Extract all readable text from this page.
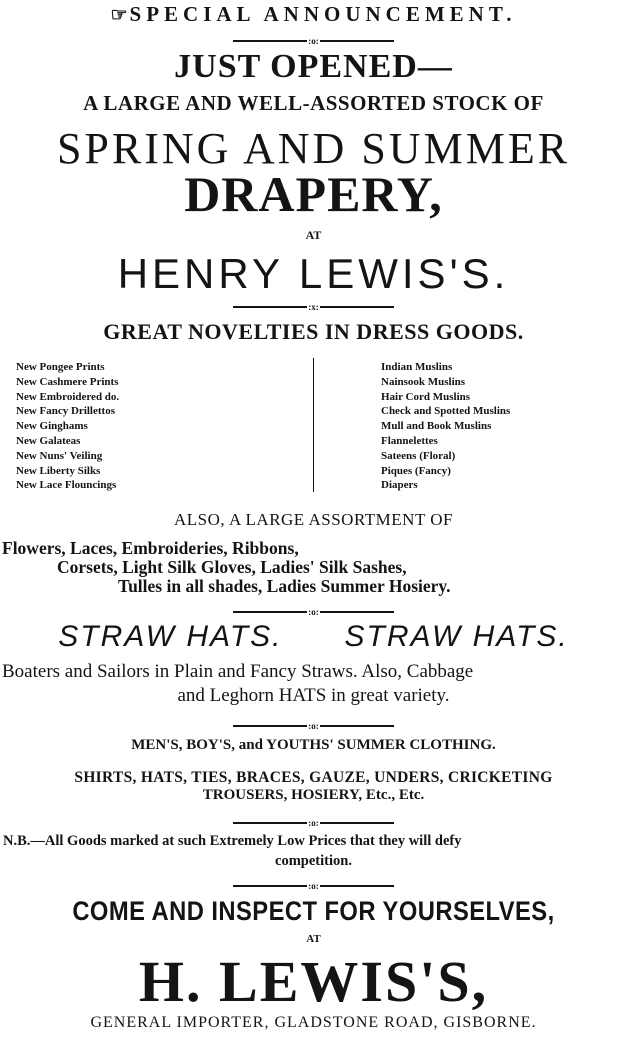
☞SPECIAL ANNOUNCEMENT.
:o:
JUST OPENED—
A LARGE AND WELL-ASSORTED STOCK OF
SPRING AND SUMMER
DRAPERY,
AT
HENRY LEWIS'S.
:x:
GREAT NOVELTIES IN DRESS GOODS.
New Pongee Prints
New Cashmere Prints
New Embroidered do.
New Fancy Drillettos
New Ginghams
New Galateas
New Nuns' Veiling
New Liberty Silks
New Lace Flouncings
Indian Muslins
Nainsook Muslins
Hair Cord Muslins
Check and Spotted Muslins
Mull and Book Muslins
Flannelettes
Sateens (Floral)
Piques (Fancy)
Diapers
ALSO, A LARGE ASSORTMENT OF
Flowers, Laces, Embroideries, Ribbons,
Corsets, Light Silk Gloves, Ladies' Silk Sashes,
Tulles in all shades, Ladies Summer Hosiery.
:o:
STRAW HATS. STRAW HATS.
Boaters and Sailors in Plain and Fancy Straws. Also, Cabbage
and Leghorn HATS in great variety.
:o:
MEN'S, BOY'S, and YOUTHS' SUMMER CLOTHING.
SHIRTS, HATS, TIES, BRACES, GAUZE, UNDERS, CRICKETING
TROUSERS, HOSIERY, Etc., Etc.
:o:
N.B.—All Goods marked at such Extremely Low Prices that they will defy
competition.
:o:
COME AND INSPECT FOR YOURSELVES,
AT
H. LEWIS'S,
GENERAL IMPORTER, GLADSTONE ROAD, GISBORNE.
